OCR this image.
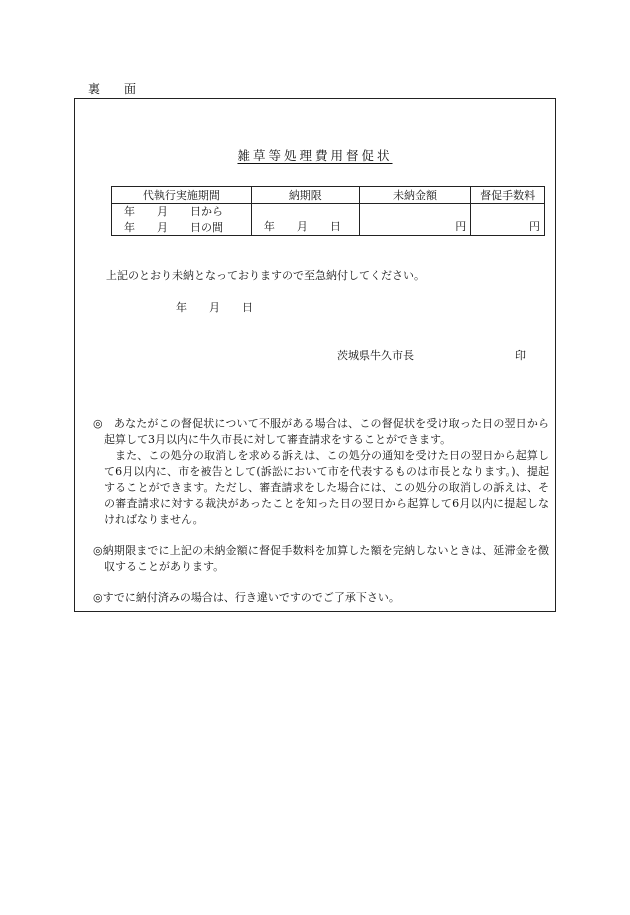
裏　面
雑草等処理費用督促状
代執行実施期間	納期限	未納金額	督促手数料

年　　月　　日から
年　　月　　日の間	年　　月　　日	円	円
上記のとおり未納となっておりますので至急納付してください。
年　　月　　日
茨城県牛久市長	印

◎　あなたがこの督促状について不服がある場合は、この督促状を受け取った日の翌日から起算して3月以内に牛久市長に対して審査請求をすることができます。

また、この処分の取消しを求める訴えは、この処分の通知を受けた日の翌日から起算して6月以内に、市を被告として(訴訟において市を代表するものは市長となります。)、提起することができます。ただし、審査請求をした場合には、この処分の取消しの訴えは、その審査請求に対する裁決があったことを知った日の翌日から起算して6月以内に提起しなければなりません。

◎納期限までに上記の未納金額に督促手数料を加算した額を完納しないときは、延滞金を徴収することがあります。

◎すでに納付済みの場合は、行き違いですのでご了承下さい。
